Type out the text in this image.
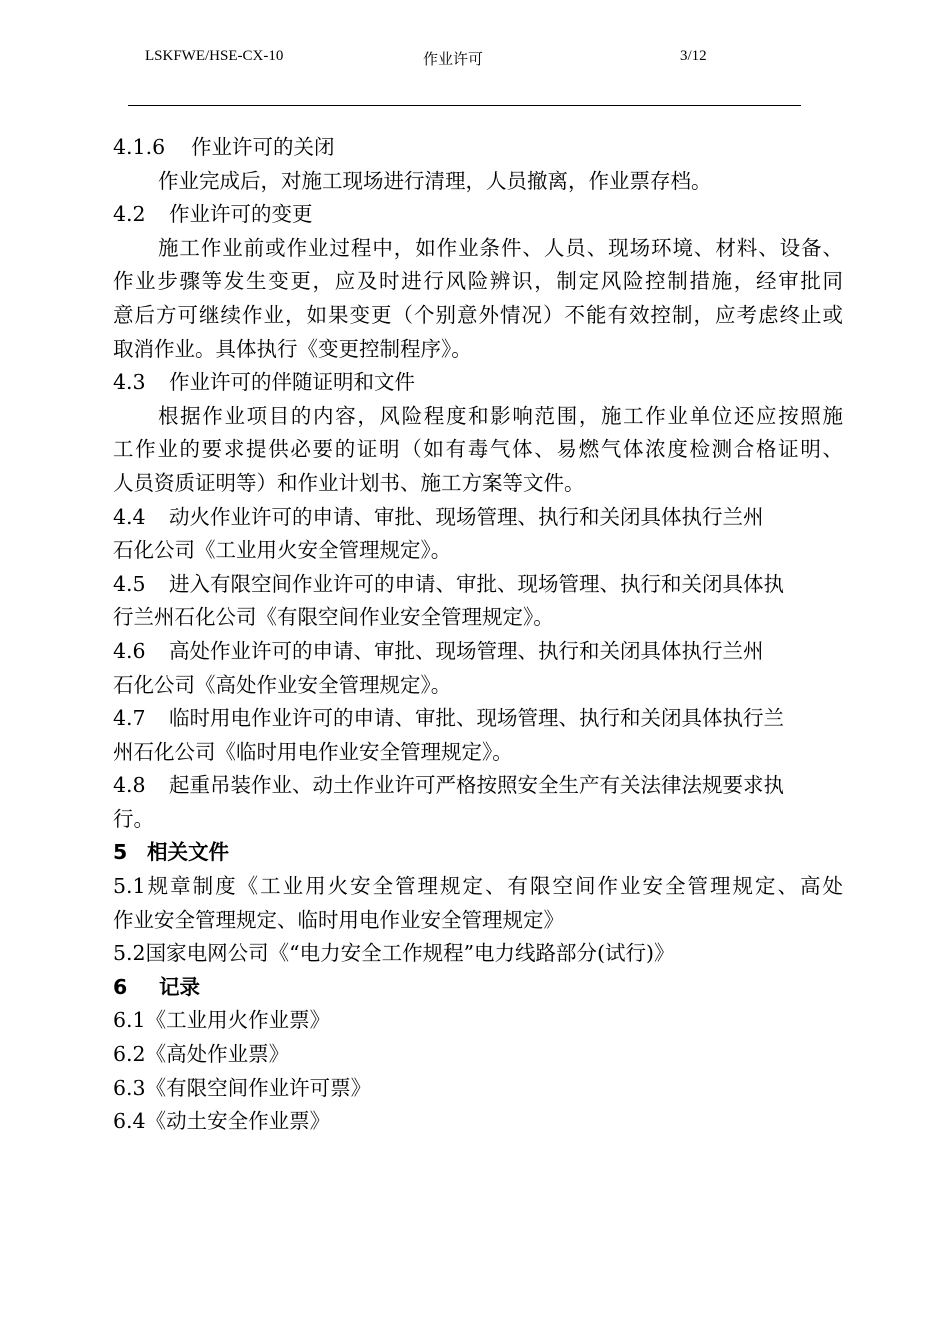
LSKFWE/HSE-CX-10	作业许可	3/12
4.1.6 作业许可的关闭
作业完成后，对施工现场进行清理，人员撤离，作业票存档。
4.2 作业许可的变更
施工作业前或作业过程中，如作业条件、人员、现场环境、材料、设备、
作业步骤等发生变更，应及时进行风险辨识，制定风险控制措施，经审批同
意后方可继续作业，如果变更（个别意外情况）不能有效控制，应考虑终止或
取消作业。具体执行《变更控制程序》。
4.3 作业许可的伴随证明和文件
根据作业项目的内容，风险程度和影响范围，施工作业单位还应按照施
工作业的要求提供必要的证明（如有毒气体、易燃气体浓度检测合格证明、
人员资质证明等）和作业计划书、施工方案等文件。
4.4 动火作业许可的申请、审批、现场管理、执行和关闭具体执行兰州
石化公司《工业用火安全管理规定》。
4.5 进入有限空间作业许可的申请、审批、现场管理、执行和关闭具体执
行兰州石化公司《有限空间作业安全管理规定》。
4.6 高处作业许可的申请、审批、现场管理、执行和关闭具体执行兰州
石化公司《高处作业安全管理规定》。
4.7 临时用电作业许可的申请、审批、现场管理、执行和关闭具体执行兰
州石化公司《临时用电作业安全管理规定》。
4.8 起重吊装作业、动土作业许可严格按照安全生产有关法律法规要求执
行。
5 相关文件
5.1规章制度《工业用火安全管理规定、有限空间作业安全管理规定、高处
作业安全管理规定、临时用电作业安全管理规定》
5.2国家电网公司《“电力安全工作规程”电力线路部分(试行)》
6 记录
6.1《工业用火作业票》
6.2《高处作业票》
6.3《有限空间作业许可票》
6.4《动土安全作业票》
